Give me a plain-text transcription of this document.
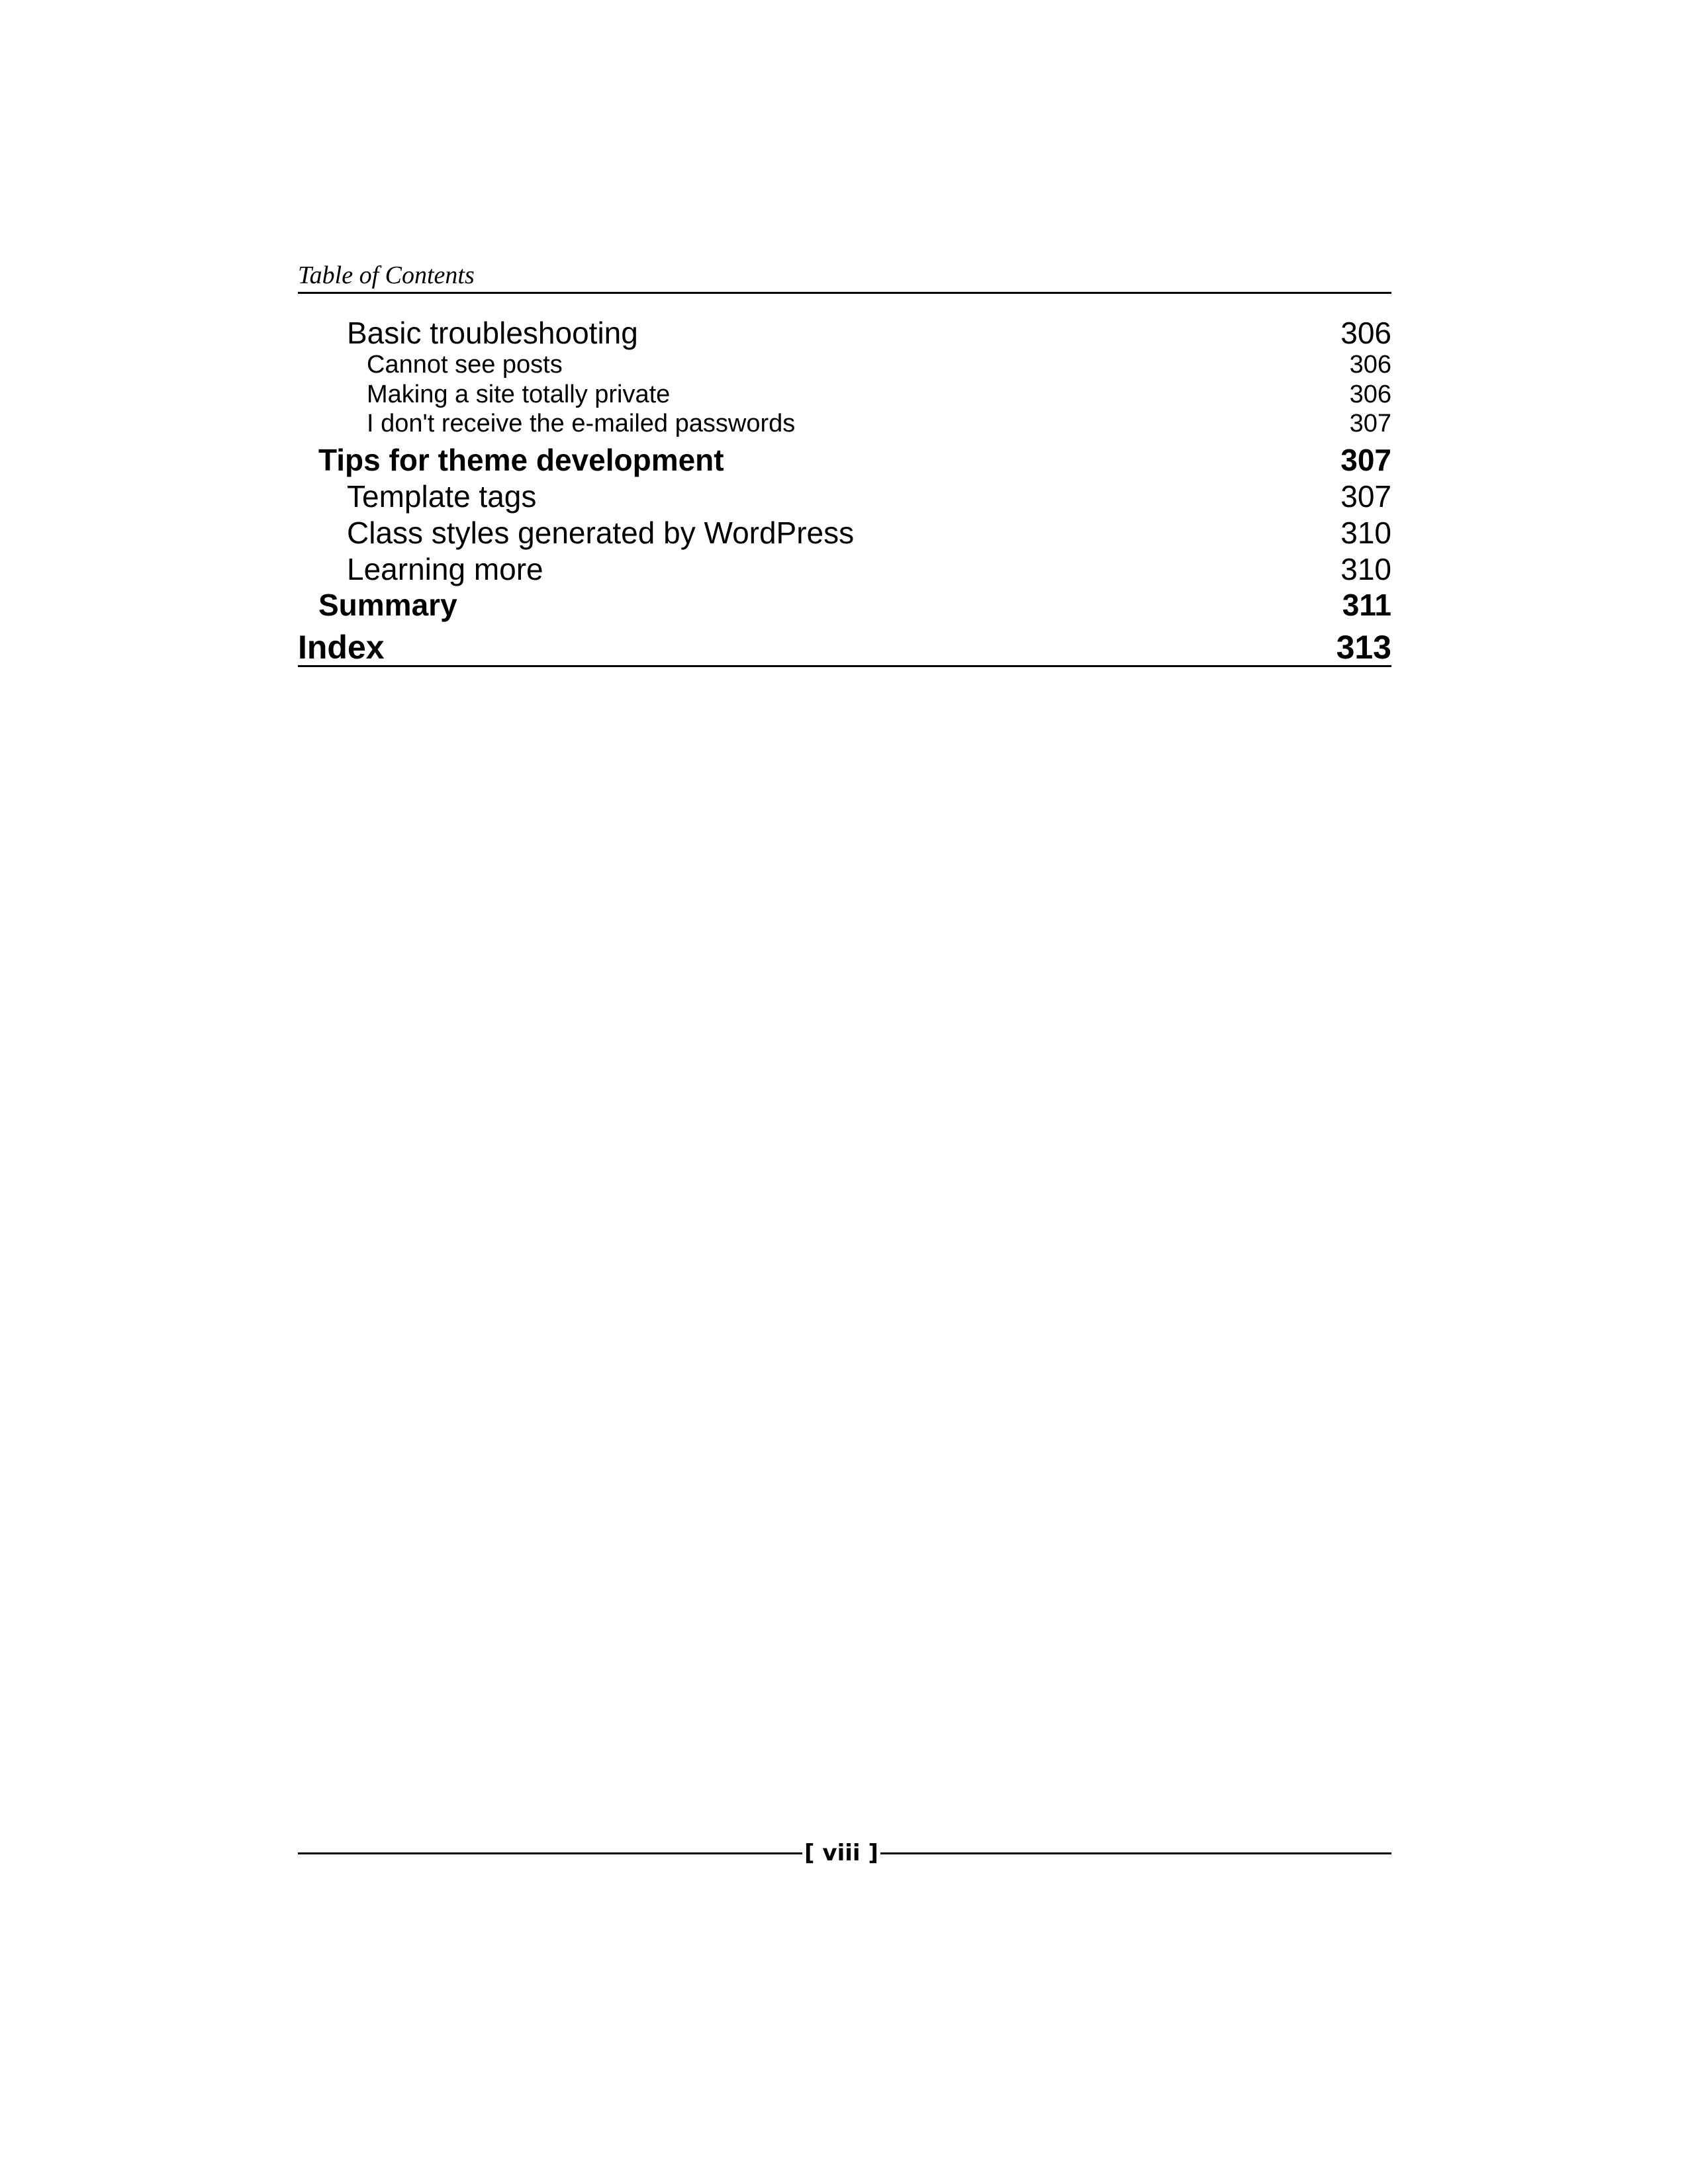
Table of Contents
Basic troubleshooting	306
Cannot see posts	306
Making a site totally private	306
I don't receive the e-mailed passwords	307
Tips for theme development	307
Template tags	307
Class styles generated by WordPress	310
Learning more	310
Summary	311
Index	313
[ viii ]
